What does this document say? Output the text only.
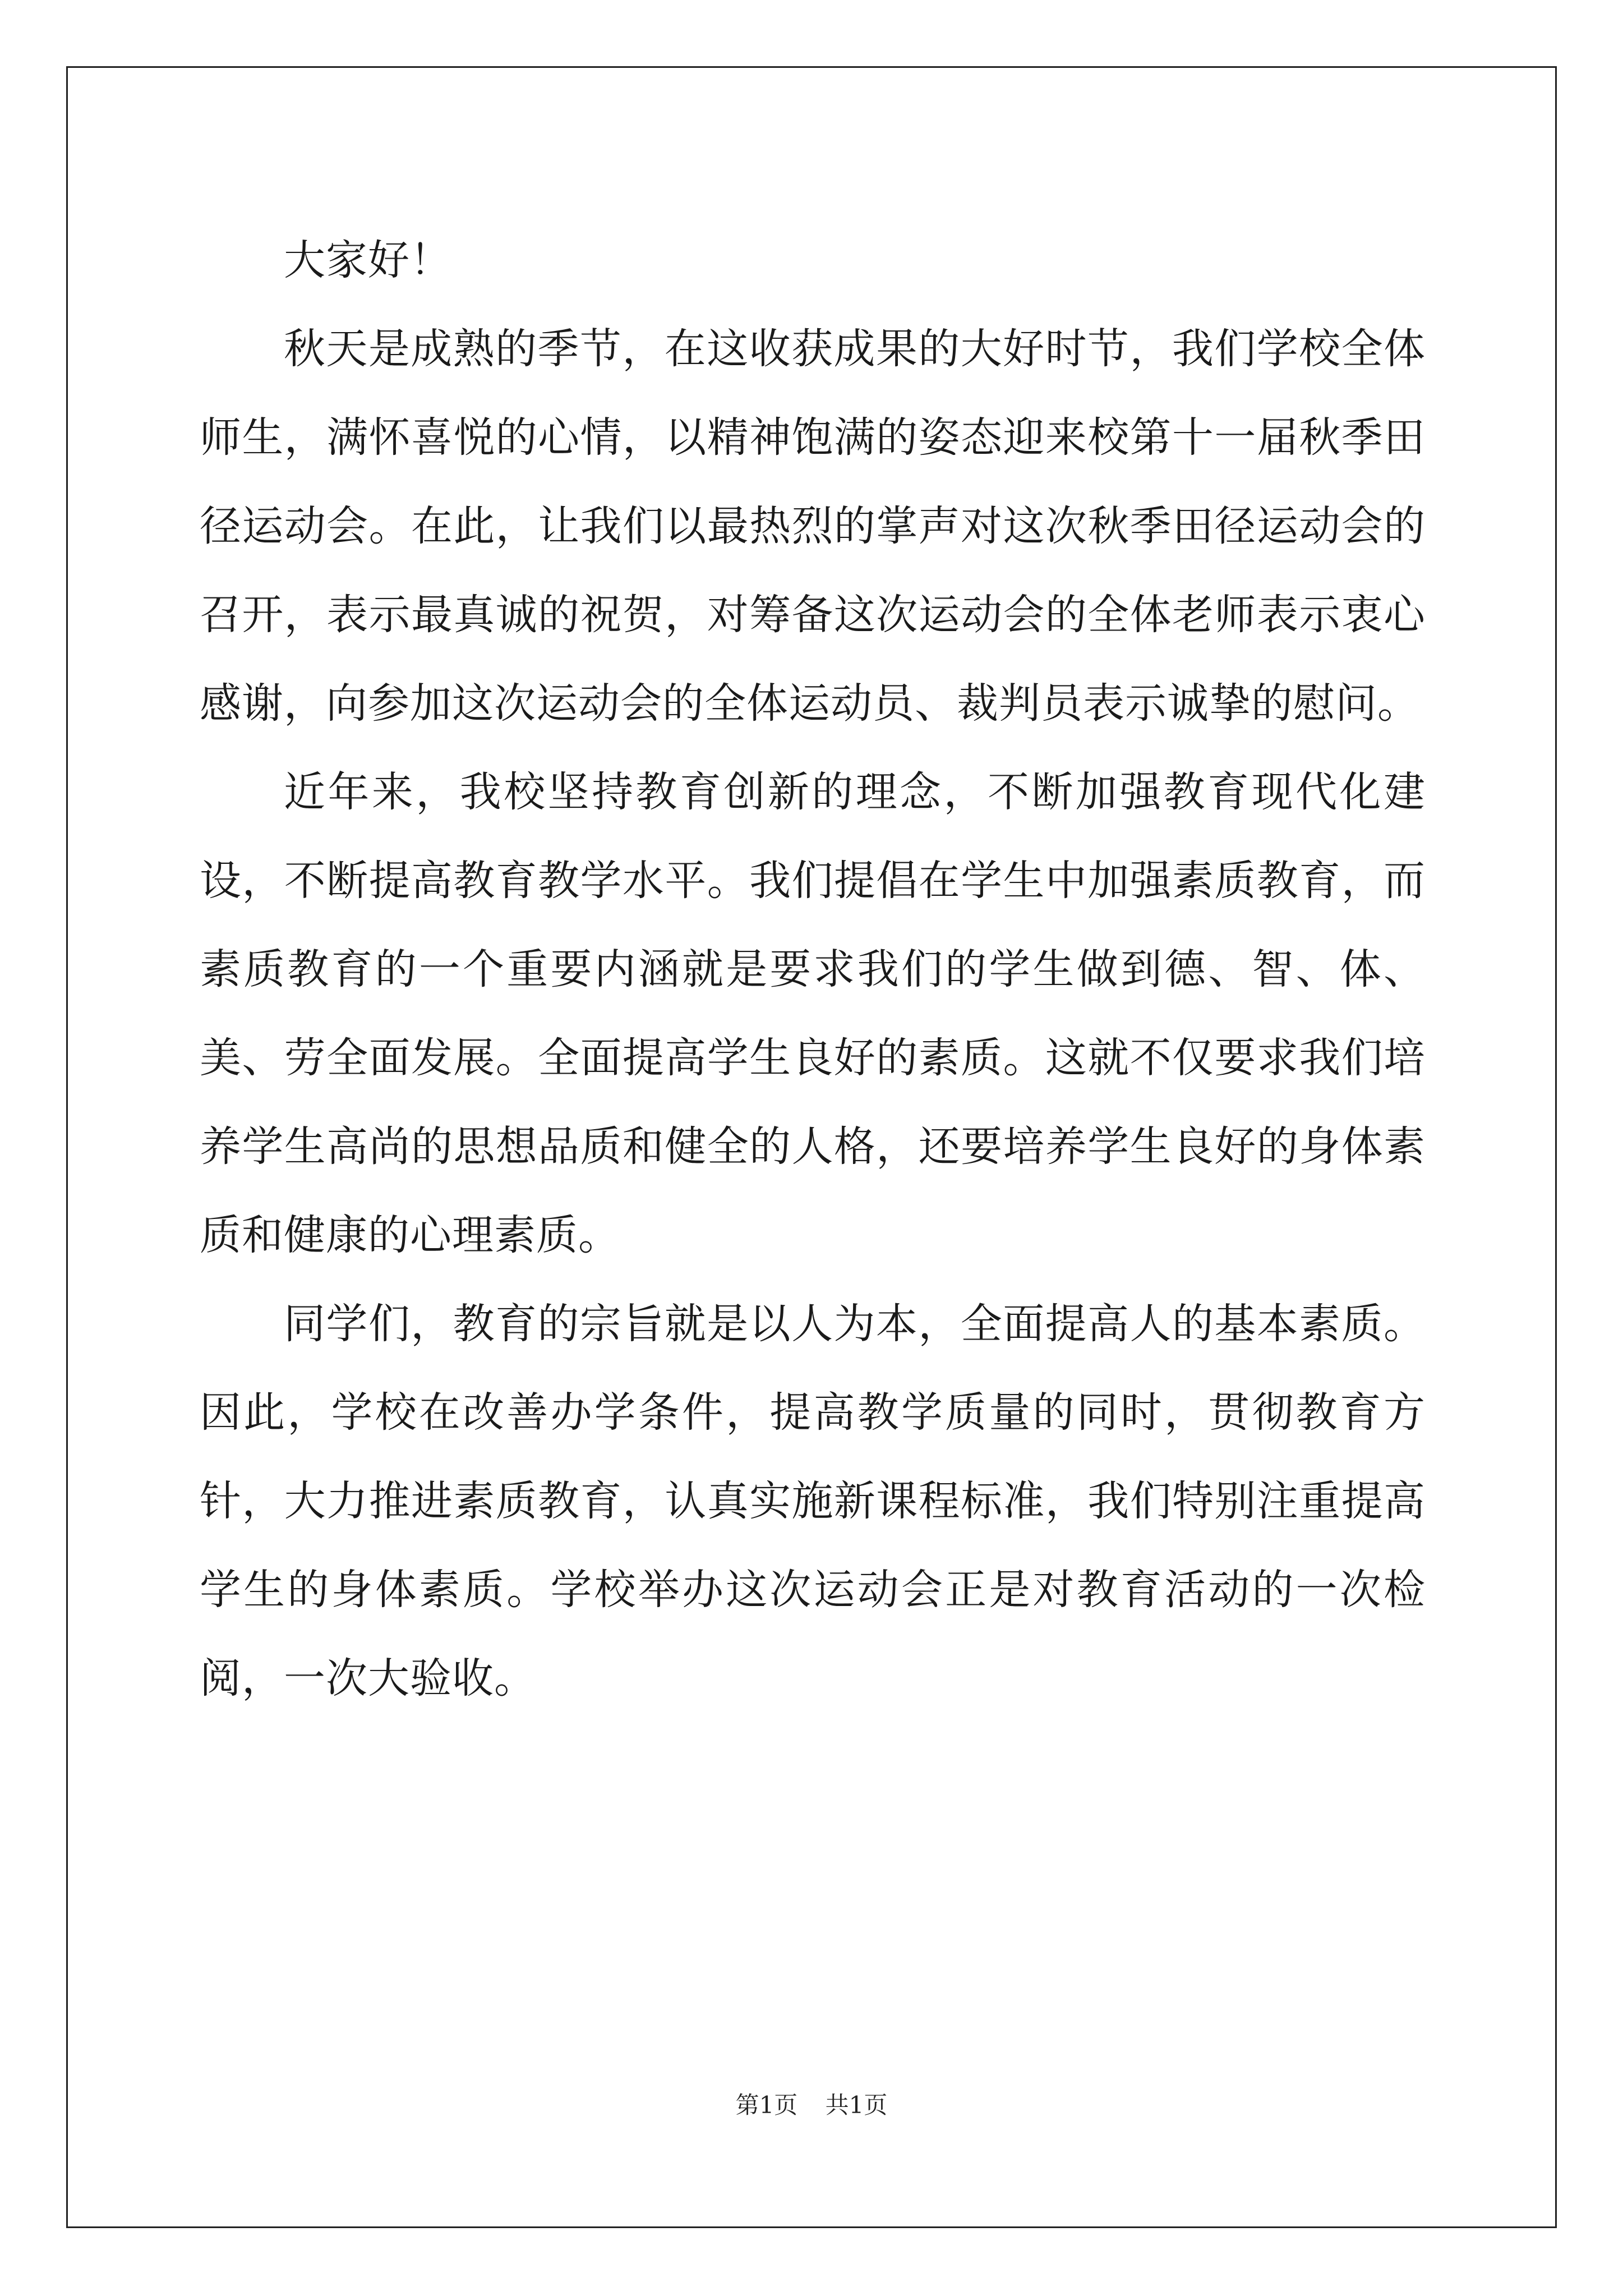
大家好！

秋天是成熟的季节，在这收获成果的大好时节，我们学校全体师生，满怀喜悦的心情，以精神饱满的姿态迎来校第十一届秋季田径运动会。在此，让我们以最热烈的掌声对这次秋季田径运动会的召开，表示最真诚的祝贺，对筹备这次运动会的全体老师表示衷心感谢，向参加这次运动会的全体运动员、裁判员表示诚挚的慰问。

近年来，我校坚持教育创新的理念，不断加强教育现代化建设，不断提高教育教学水平。我们提倡在学生中加强素质教育，而素质教育的一个重要内涵就是要求我们的学生做到德、智、体、美、劳全面发展。全面提高学生良好的素质。这就不仅要求我们培养学生高尚的思想品质和健全的人格，还要培养学生良好的身体素质和健康的心理素质。

同学们，教育的宗旨就是以人为本，全面提高人的基本素质。因此，学校在改善办学条件，提高教学质量的同时，贯彻教育方针，大力推进素质教育，认真实施新课程标准，我们特别注重提高学生的身体素质。学校举办这次运动会正是对教育活动的一次检阅，一次大验收。

第1页 共1页
